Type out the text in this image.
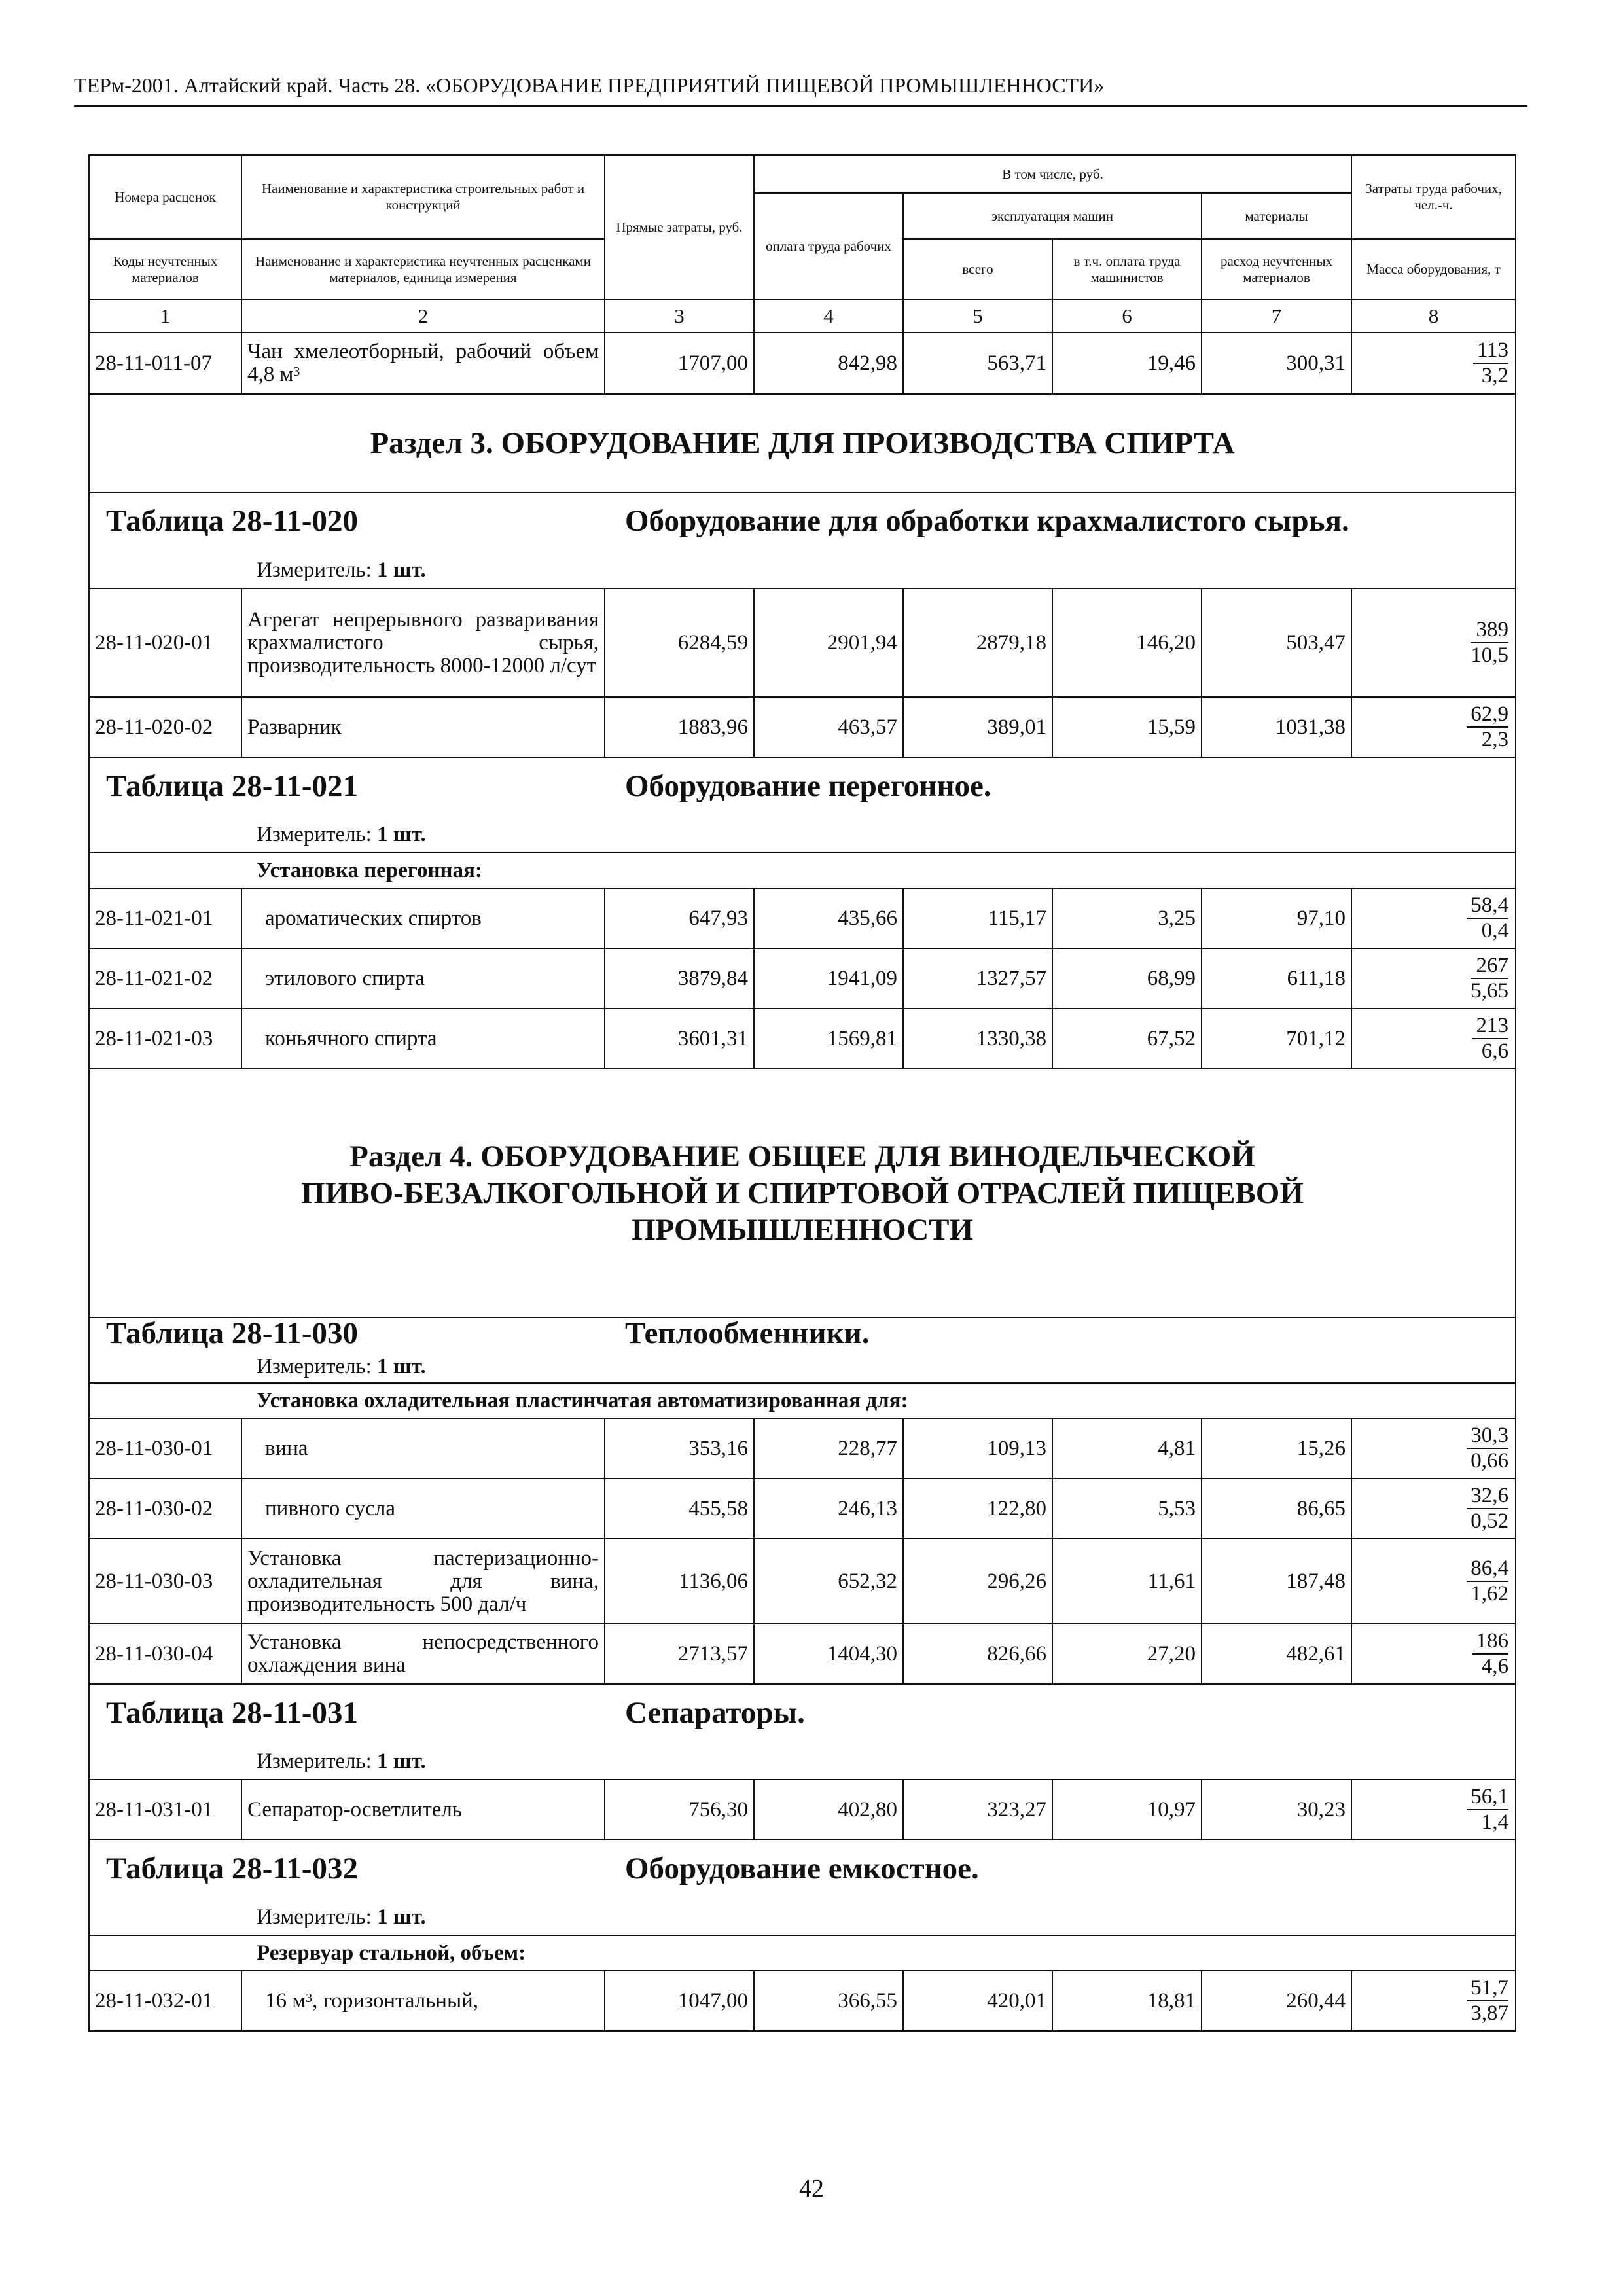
ТЕРм-2001. Алтайский край. Часть 28. «ОБОРУДОВАНИЕ ПРЕДПРИЯТИЙ ПИЩЕВОЙ ПРОМЫШЛЕННОСТИ»
Номера расценок	Наименование и характеристика строительных работ и конструкций	Прямые затраты, руб.	В том числе, руб.				Затраты труда рабочих, чел.-ч.
			оплата труда рабочих	эксплуатация машин		материалы	
Коды неучтенных материалов	Наименование и характеристика неучтенных расценками материалов, единица измерения			всего	в т.ч. оплата труда машинистов	расход неучтенных материалов	Масса оборудования, т
1	2	3	4	5	6	7	8
28-11-011-07	Чан хмелеотборный, рабочий объем 4,8 $м^3$	1707,00	842,98	563,71	19,46	300,31	$\frac{113}{3,2}$

Раздел 3. ОБОРУДОВАНИЕ ДЛЯ ПРОИЗВОДСТВА СПИРТА							

Таблица 28-11-020 Оборудование для обработки крахмалистого сырья.							

Измеритель: 1 шт.							
28-11-020-01	Агрегат непрерывного разваривания крахмалистого сырья, производительность 8000-12000 л/сут	6284,59	2901,94	2879,18	146,20	503,47	$\frac{389}{10,5}$

28-11-020-02	Разварник	1883,96	463,57	389,01	15,59	1031,38	$\frac{62,9}{2,3}$

Таблица 28-11-021 Оборудование перегонное.							

Измеритель: 1 шт.							
Установка перегонная:							
28-11-021-01	ароматических спиртов	647,93	435,66	115,17	3,25	97,10	$\frac{58,4}{0,4}$

28-11-021-02	этилового спирта	3879,84	1941,09	1327,57	68,99	611,18	$\frac{267}{5,65}$

28-11-021-03	коньячного спирта	3601,31	1569,81	1330,38	67,52	701,12	$\frac{213}{6,6}$

Раздел 4. ОБОРУДОВАНИЕ ОБЩЕЕ ДЛЯ ВИНОДЕЛЬЧЕСКОЙ
ПИВО-БЕЗАЛКОГОЛЬНОЙ И СПИРТОВОЙ ОТРАСЛЕЙ ПИЩЕВОЙ
ПРОМЫШЛЕННОСТИ							

Таблица 28-11-030 Теплообменники.							

Измеритель: 1 шт.							
Установка охладительная пластинчатая автоматизированная для:							
28-11-030-01	вина	353,16	228,77	109,13	4,81	15,26	$\frac{30,3}{0,66}$

28-11-030-02	пивного сусла	455,58	246,13	122,80	5,53	86,65	$\frac{32,6}{0,52}$

28-11-030-03	Установка пастеризационно-охладительная для вина, производительность 500 дал/ч	1136,06	652,32	296,26	11,61	187,48	$\frac{86,4}{1,62}$

28-11-030-04	Установка непосредственного охлаждения вина	2713,57	1404,30	826,66	27,20	482,61	$\frac{186}{4,6}$

Таблица 28-11-031 Сепараторы.							

Измеритель: 1 шт.							
28-11-031-01	Сепаратор-осветлитель	756,30	402,80	323,27	10,97	30,23	$\frac{56,1}{1,4}$

Таблица 28-11-032 Оборудование емкостное.							

Измеритель: 1 шт.							
Резервуар стальной, объем:							
28-11-032-01	16 $м^3$, горизонтальный,	1047,00	366,55	420,01	18,81	260,44	$\frac{51,7}{3,87}$
42
